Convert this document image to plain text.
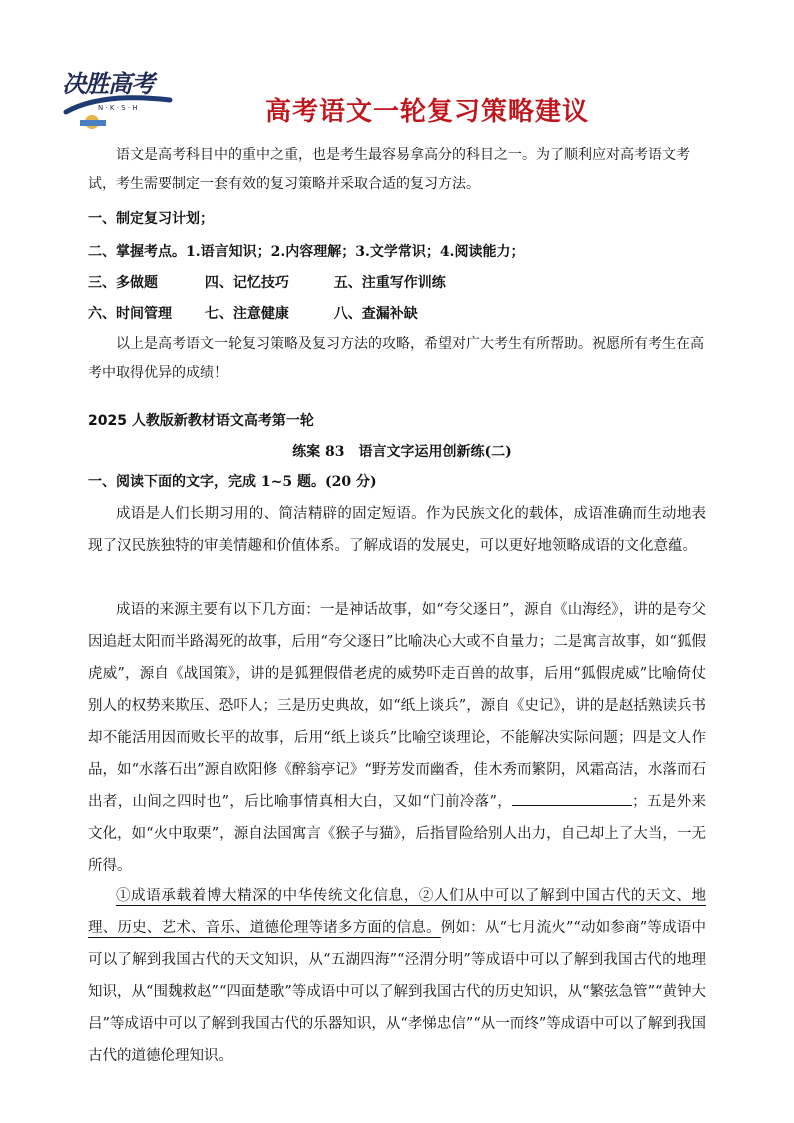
决胜高考
N · K · S · H	高考语文一轮复习策略建议
语文是高考科目中的重中之重，也是考生最容易拿高分的科目之一。为了顺利应对高考语文考试，考生需要制定一套有效的复习策略并采取合适的复习方法。
一、制定复习计划；
二、掌握考点。1.语言知识；2.内容理解；3.文学常识；4.阅读能力；
三、多做题	四、记忆技巧	五、注重写作训练
六、时间管理 七、注意健康	八、查漏补缺
以上是高考语文一轮复习策略及复习方法的攻略，希望对广大考生有所帮助。祝愿所有考生在高考中取得优异的成绩！
2025 人教版新教材语文高考第一轮
练案 83　语言文字运用创新练(二)
一、阅读下面的文字，完成 1~5 题。(20 分)
成语是人们长期习用的、简洁精辟的固定短语。作为民族文化的载体，成语准确而生动地表现了汉民族独特的审美情趣和价值体系。了解成语的发展史，可以更好地领略成语的文化意蕴。
成语的来源主要有以下几方面：一是神话故事，如“夸父逐日”，源自《山海经》，讲的是夸父因追赶太阳而半路渴死的故事，后用“夸父逐日”比喻决心大或不自量力；二是寓言故事，如“狐假虎威”，源自《战国策》，讲的是狐狸假借老虎的威势吓走百兽的故事，后用“狐假虎威”比喻倚仗别人的权势来欺压、恐吓人；三是历史典故，如“纸上谈兵”，源自《史记》，讲的是赵括熟读兵书却不能活用因而败长平的故事，后用“纸上谈兵”比喻空谈理论，不能解决实际问题；四是文人作品，如“水落石出”源自欧阳修《醉翁亭记》“野芳发而幽香，佳木秀而繁阴，风霜高洁，水落而石出者，山间之四时也”，后比喻事情真相大白，又如“门前冷落”，	；五是外来文化，如“火中取栗”，源自法国寓言《猴子与猫》，后指冒险给别人出力，自己却上了大当，一无所得。
①成语承载着博大精深的中华传统文化信息，②人们从中可以了解到中国古代的天文、地理、历史、艺术、音乐、道德伦理等诸多方面的信息。例如：从“七月流火”“动如参商”等成语中可以了解到我国古代的天文知识，从“五湖四海”“泾渭分明”等成语中可以了解到我国古代的地理知识，从“围魏救赵”“四面楚歌”等成语中可以了解到我国古代的历史知识，从“繁弦急管”“黄钟大吕”等成语中可以了解到我国古代的乐器知识，从“孝悌忠信”“从一而终”等成语中可以了解到我国古代的道德伦理知识。
